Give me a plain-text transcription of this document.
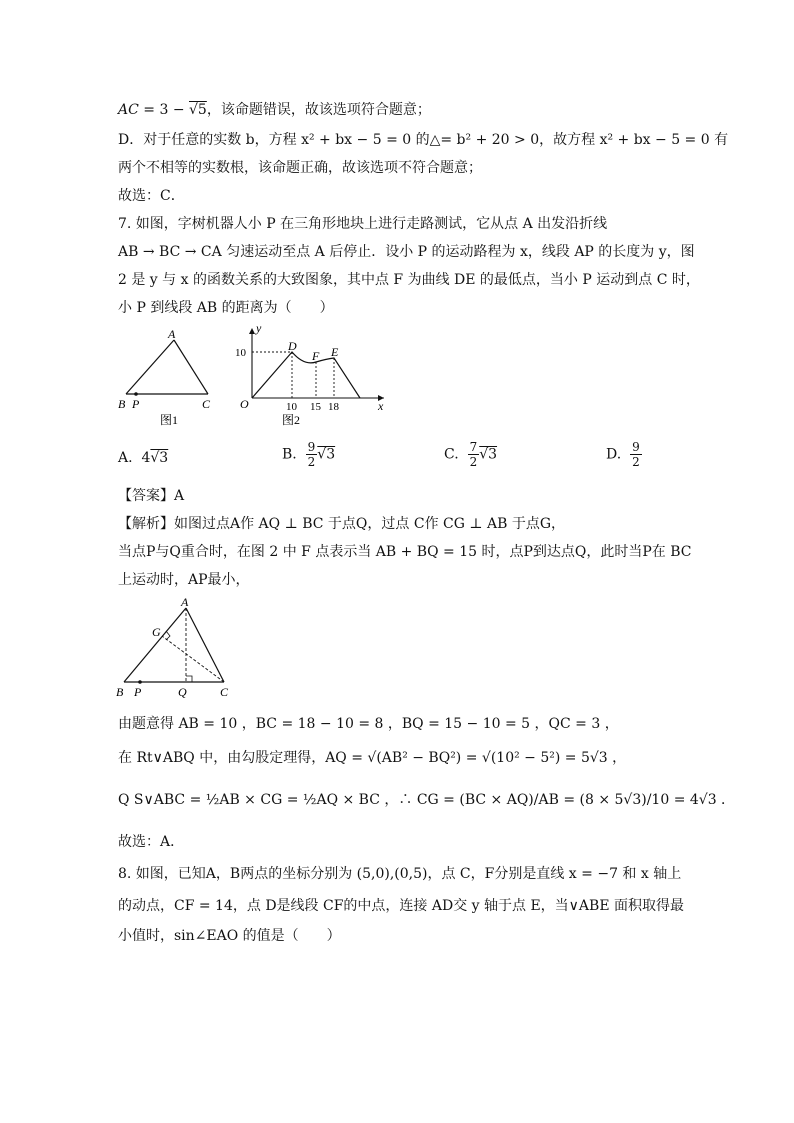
AC = 3 − √5，该命题错误，故该选项符合题意；
D．对于任意的实数 b，方程 x² + bx − 5 = 0 的△= b² + 20 > 0，故方程 x² + bx − 5 = 0 有
两个不相等的实数根，该命题正确，故该选项不符合题意；
故选：C．
7. 如图，字树机器人小 P 在三角形地块上进行走路测试，它从点 A 出发沿折线
AB → BC → CA 匀速运动至点 A 后停止．设小 P 的运动路程为 x，线段 AP 的长度为 y，图
2 是 y 与 x 的函数关系的大致图象，其中点 F 为曲线 DE 的最低点，当小 P 运动到点 C 时，
小 P 到线段 AB 的距离为（　　）
A
B P	C
图1
y
x
O
10	D
F E
10 15 18
图2
A. 4√3	B. $\frac{9}{2} √3$	C. $\frac{7}{2} √3$	D. $\frac{9}{2}$
【答案】A
【解析】如图过点A作 AQ ⊥ BC 于点Q，过点 C作 CG ⊥ AB 于点G，
当点P与Q重合时，在图 2 中 F 点表示当 AB + BQ = 15 时，点P到达点Q，此时当P在 BC
上运动时，AP最小，
A
G
B P	Q	C
由题意得 AB = 10 ，BC = 18 − 10 = 8 ，BQ = 15 − 10 = 5 ，QC = 3 ，
在 Rt∨ABQ 中，由勾股定理得，AQ = √(AB² − BQ²) = √(10² − 5²) = 5√3 ，
Q S∨ABC = ½AB × CG = ½AQ × BC ，∴ CG = (BC × AQ)/AB = (8 × 5√3)/10 = 4√3 ．
故选：A．
8. 如图，已知A，B两点的坐标分别为 (5,0),(0,5)，点 C，F分别是直线 x = −7 和 x 轴上
的动点，CF = 14，点 D是线段 CF的中点，连接 AD交 y 轴于点 E，当∨ABE 面积取得最
小值时，sin∠EAO 的值是（　　）
